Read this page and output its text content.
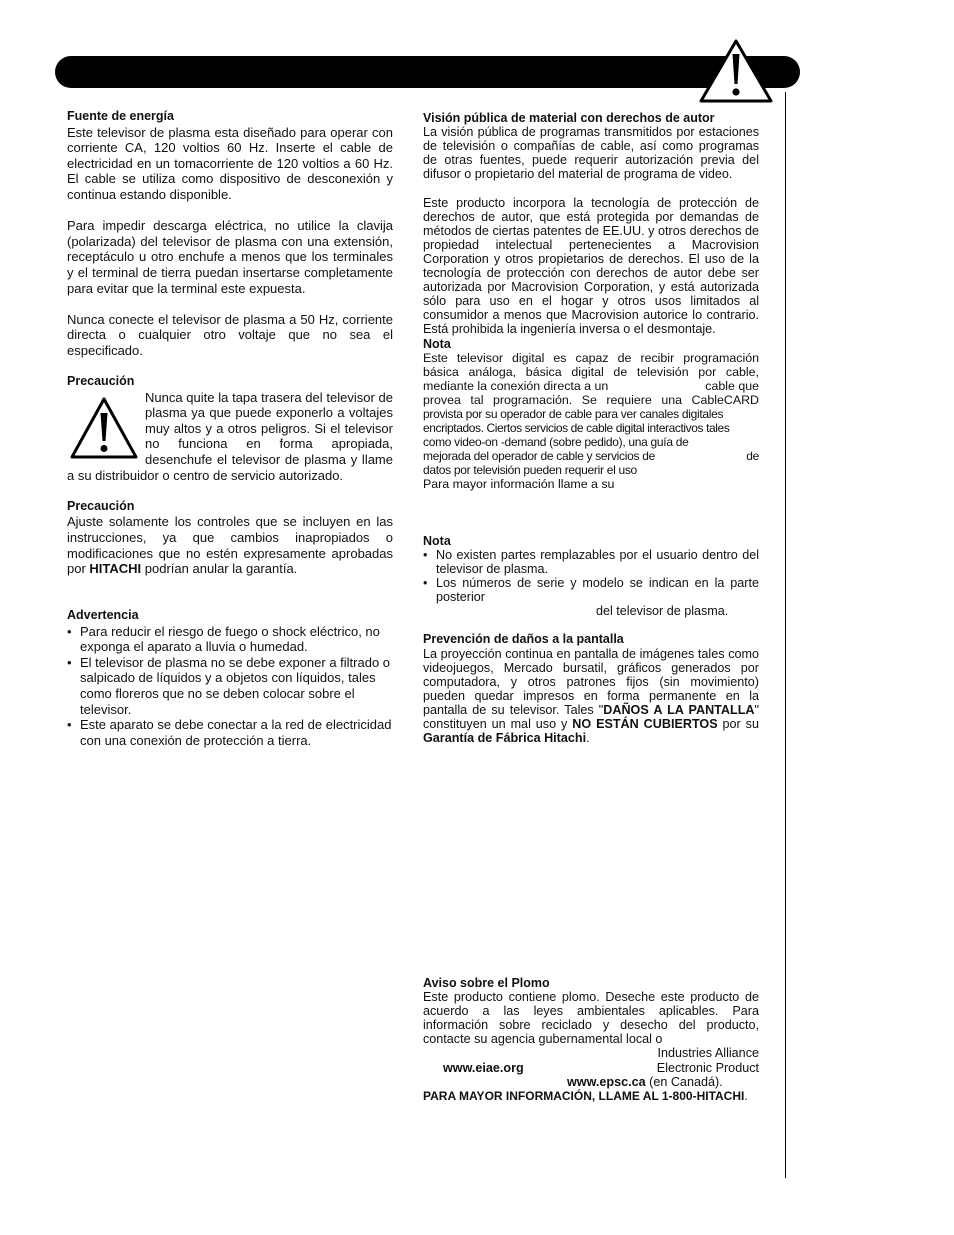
Fuente de energía

Este televisor de plasma esta diseñado para operar con corriente CA, 120 voltios 60 Hz. Inserte el cable de electricidad en un tomacorriente de 120 voltios a 60 Hz. El cable se utiliza como dispositivo de desconexión y continua estando disponible.

Para impedir descarga eléctrica, no utilice la clavija (polarizada) del televisor de plasma con una extensión, receptáculo u otro enchufe a menos que los terminales y el terminal de tierra puedan insertarse completamente para evitar que la terminal este expuesta.

Nunca conecte el televisor de plasma a 50 Hz, corriente directa o cualquier otro voltaje que no sea el especificado.

Precaución

Nunca quite la tapa trasera del televisor de plasma ya que puede exponerlo a voltajes muy altos y a otros peligros. Si el televisor no funciona en forma apropiada, desenchufe el televisor de plasma y llame a su distribuidor o centro de servicio autorizado.

Precaución

Ajuste solamente los controles que se incluyen en las instrucciones, ya que cambios inapropiados o modificaciones que no estén expresamente aprobadas por HITACHI podrían anular la garantía.

Advertencia
• Para reducir el riesgo de fuego o shock eléctrico, no exponga el aparato a lluvia o humedad.
• El televisor de plasma no se debe exponer a filtrado o salpicado de líquidos y a objetos con líquidos, tales como floreros que no se deben colocar sobre el televisor.
• Este aparato se debe conectar a la red de electricidad con una conexión de protección a tierra.
Visión pública de material con derechos de autor

La visión pública de programas transmitidos por estaciones de televisión o compañías de cable, así como programas de otras fuentes, puede requerir autorización previa del difusor o propietario del material de programa de video.

Este producto incorpora la tecnología de protección de derechos de autor, que está protegida por demandas de métodos de ciertas patentes de EE.UU. y otros derechos de propiedad intelectual pertenecientes a Macrovision Corporation y otros propietarios de derechos. El uso de la tecnología de protección con derechos de autor debe ser autorizada por Macrovision Corporation, y está autorizada sólo para uso en el hogar y otros usos limitados al consumidor a menos que Macrovision autorice lo contrario. Está prohibida la ingeniería inversa o el desmontaje.

Nota

Este televisor digital es capaz de recibir programación

básica análoga, básica digital de televisión por cable,

mediante la conexión directa a un	cable que

provea tal programación. Se requiere una CableCARD

provista por su operador de cable para ver canales digitales

encriptados. Ciertos servicios de cable digital interactivos tales

como video-on -demand (sobre pedido), una guía de

mejorada del operador de cable y servicios de	de

datos por televisión pueden requerir el uso

Para mayor información llame a su

Nota
• No existen partes remplazables por el usuario dentro del televisor de plasma.
• Los números de serie y modelo se indican en la parte posterior
del televisor de plasma.
Prevención de daños a la pantalla

La proyección continua en pantalla de imágenes tales como videojuegos, Mercado bursatil, gráficos generados por computadora, y otros patrones fijos (sin movimiento) pueden quedar impresos en forma permanente en la pantalla de su televisor. Tales "DAÑOS A LA PANTALLA" constituyen un mal uso y NO ESTÁN CUBIERTOS por su Garantía de Fábrica Hitachi.

Aviso sobre el Plomo

Este producto contiene plomo. Deseche este producto de acuerdo a las leyes ambientales aplicables. Para información sobre reciclado y desecho del producto, contacte su agencia gubernamental local o

Industries Alliance

www.eiae.org	Electronic Product

www.epsc.ca (en Canadá).

PARA MAYOR INFORMACIÓN, LLAME AL 1-800-HITACHI.
